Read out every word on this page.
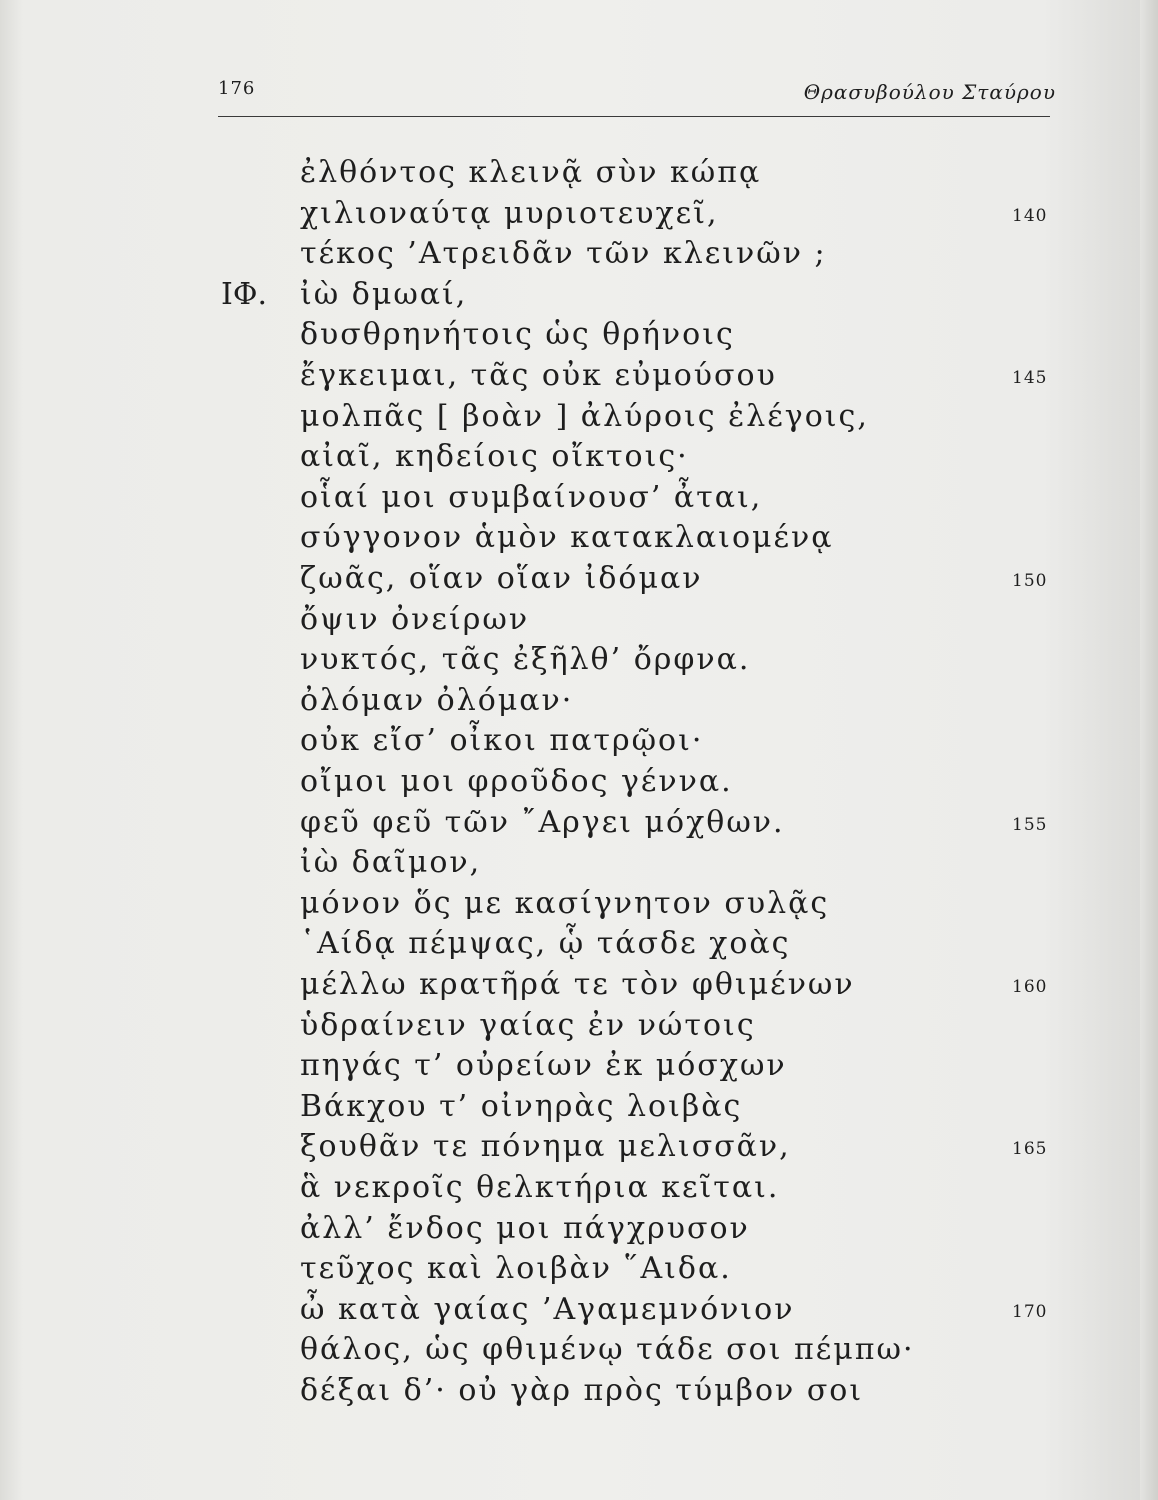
176	Θρασυβούλου Σταύρου
ἐλθόντος κλεινᾷ σὺν κώπᾳ
χιλιοναύτᾳ μυριοτευχεῖ,	140
τέκος ’Ατρειδᾶν τῶν κλεινῶν ;
ΙΦ. ἰὼ δμωαί,
δυσθρηνήτοις ὡς θρήνοις
ἔγκειμαι, τᾶς οὐκ εὐμούσου	145
μολπᾶς [ βοὰν ] ἀλύροις ἐλέγοις,
αἰαῖ, κηδείοις οἴκτοις·
οἷαί μοι συμβαίνουσ’ ἆται,
σύγγονον ἁμὸν κατακλαιομένᾳ
ζωᾶς, οἵαν οἵαν ἰδόμαν	150
ὄψιν ὀνείρων
νυκτός, τᾶς ἐξῆλθ’ ὄρφνα.
ὀλόμαν ὀλόμαν·
οὐκ εἴσ’ οἶκοι πατρῷοι·
οἴμοι μοι φροῦδος γέννα.
φεῦ φεῦ τῶν ῎Αργει μόχθων.	155
ἰὼ δαῖμον,
μόνον ὅς με κασίγνητον συλᾷς
῾Αίδᾳ πέμψας, ᾧ τάσδε χοὰς
μέλλω κρατῆρά τε τὸν φθιμένων	160
ὑδραίνειν γαίας ἐν νώτοις
πηγάς τ’ οὐρείων ἐκ μόσχων
Βάκχου τ’ οἰνηρὰς λοιβὰς
ξουθᾶν τε πόνημα μελισσᾶν,	165
ἃ νεκροῖς θελκτήρια κεῖται.
ἀλλ’ ἔνδος μοι πάγχρυσον
τεῦχος καὶ λοιβὰν ῞Αιδα.
ὦ κατὰ γαίας ’Αγαμεμνόνιον	170
θάλος, ὡς φθιμένῳ τάδε σοι πέμπω·
δέξαι δ’· οὐ γὰρ πρὸς τύμβον σοι
